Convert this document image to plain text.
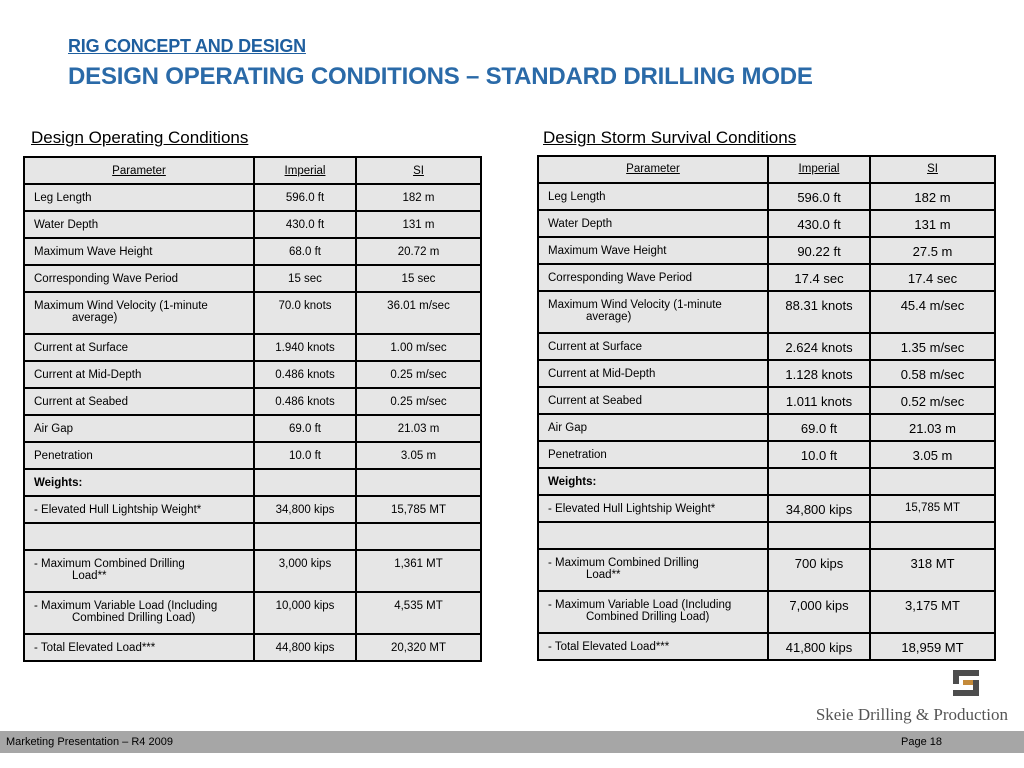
RIG CONCEPT AND DESIGN
DESIGN OPERATING CONDITIONS – STANDARD DRILLING MODE
Design Operating Conditions	Design Storm Survival Conditions
Parameter	Imperial	SI

Leg Length	596.0 ft	182 m

Water Depth	430.0 ft	131 m

Maximum Wave Height	68.0 ft	20.72 m

Corresponding Wave Period	15 sec	15 sec

Maximum Wind Velocity (1-minute
average)	70.0 knots	36.01 m/sec

Current at Surface	1.940 knots	1.00 m/sec

Current at Mid-Depth	0.486 knots	0.25 m/sec

Current at Seabed	0.486 knots	0.25 m/sec

Air Gap	69.0 ft	21.03 m

Penetration	10.0 ft	3.05 m

Weights:		

- Elevated Hull Lightship Weight*	34,800 kips	15,785 MT

- Maximum Combined Drilling
Load**	3,000 kips	1,361 MT

- Maximum Variable Load (Including
Combined Drilling Load)	10,000 kips	4,535 MT

- Total Elevated Load***	44,800 kips	20,320 MT
Parameter	Imperial	SI

Leg Length	596.0 ft	182 m

Water Depth	430.0 ft	131 m

Maximum Wave Height	90.22 ft	27.5 m

Corresponding Wave Period	17.4 sec	17.4 sec

Maximum Wind Velocity (1-minute
average)	88.31 knots	45.4 m/sec

Current at Surface	2.624 knots	1.35 m/sec

Current at Mid-Depth	1.128 knots	0.58 m/sec

Current at Seabed	1.011 knots	0.52 m/sec

Air Gap	69.0 ft	21.03 m

Penetration	10.0 ft	3.05 m

Weights:		

- Elevated Hull Lightship Weight*	34,800 kips	15,785 MT

- Maximum Combined Drilling
Load**	700 kips	318 MT

- Maximum Variable Load (Including
Combined Drilling Load)	7,000 kips	3,175 MT

- Total Elevated Load***	41,800 kips	18,959 MT
Skeie Drilling & Production
Marketing Presentation – R4 2009	Page 18
